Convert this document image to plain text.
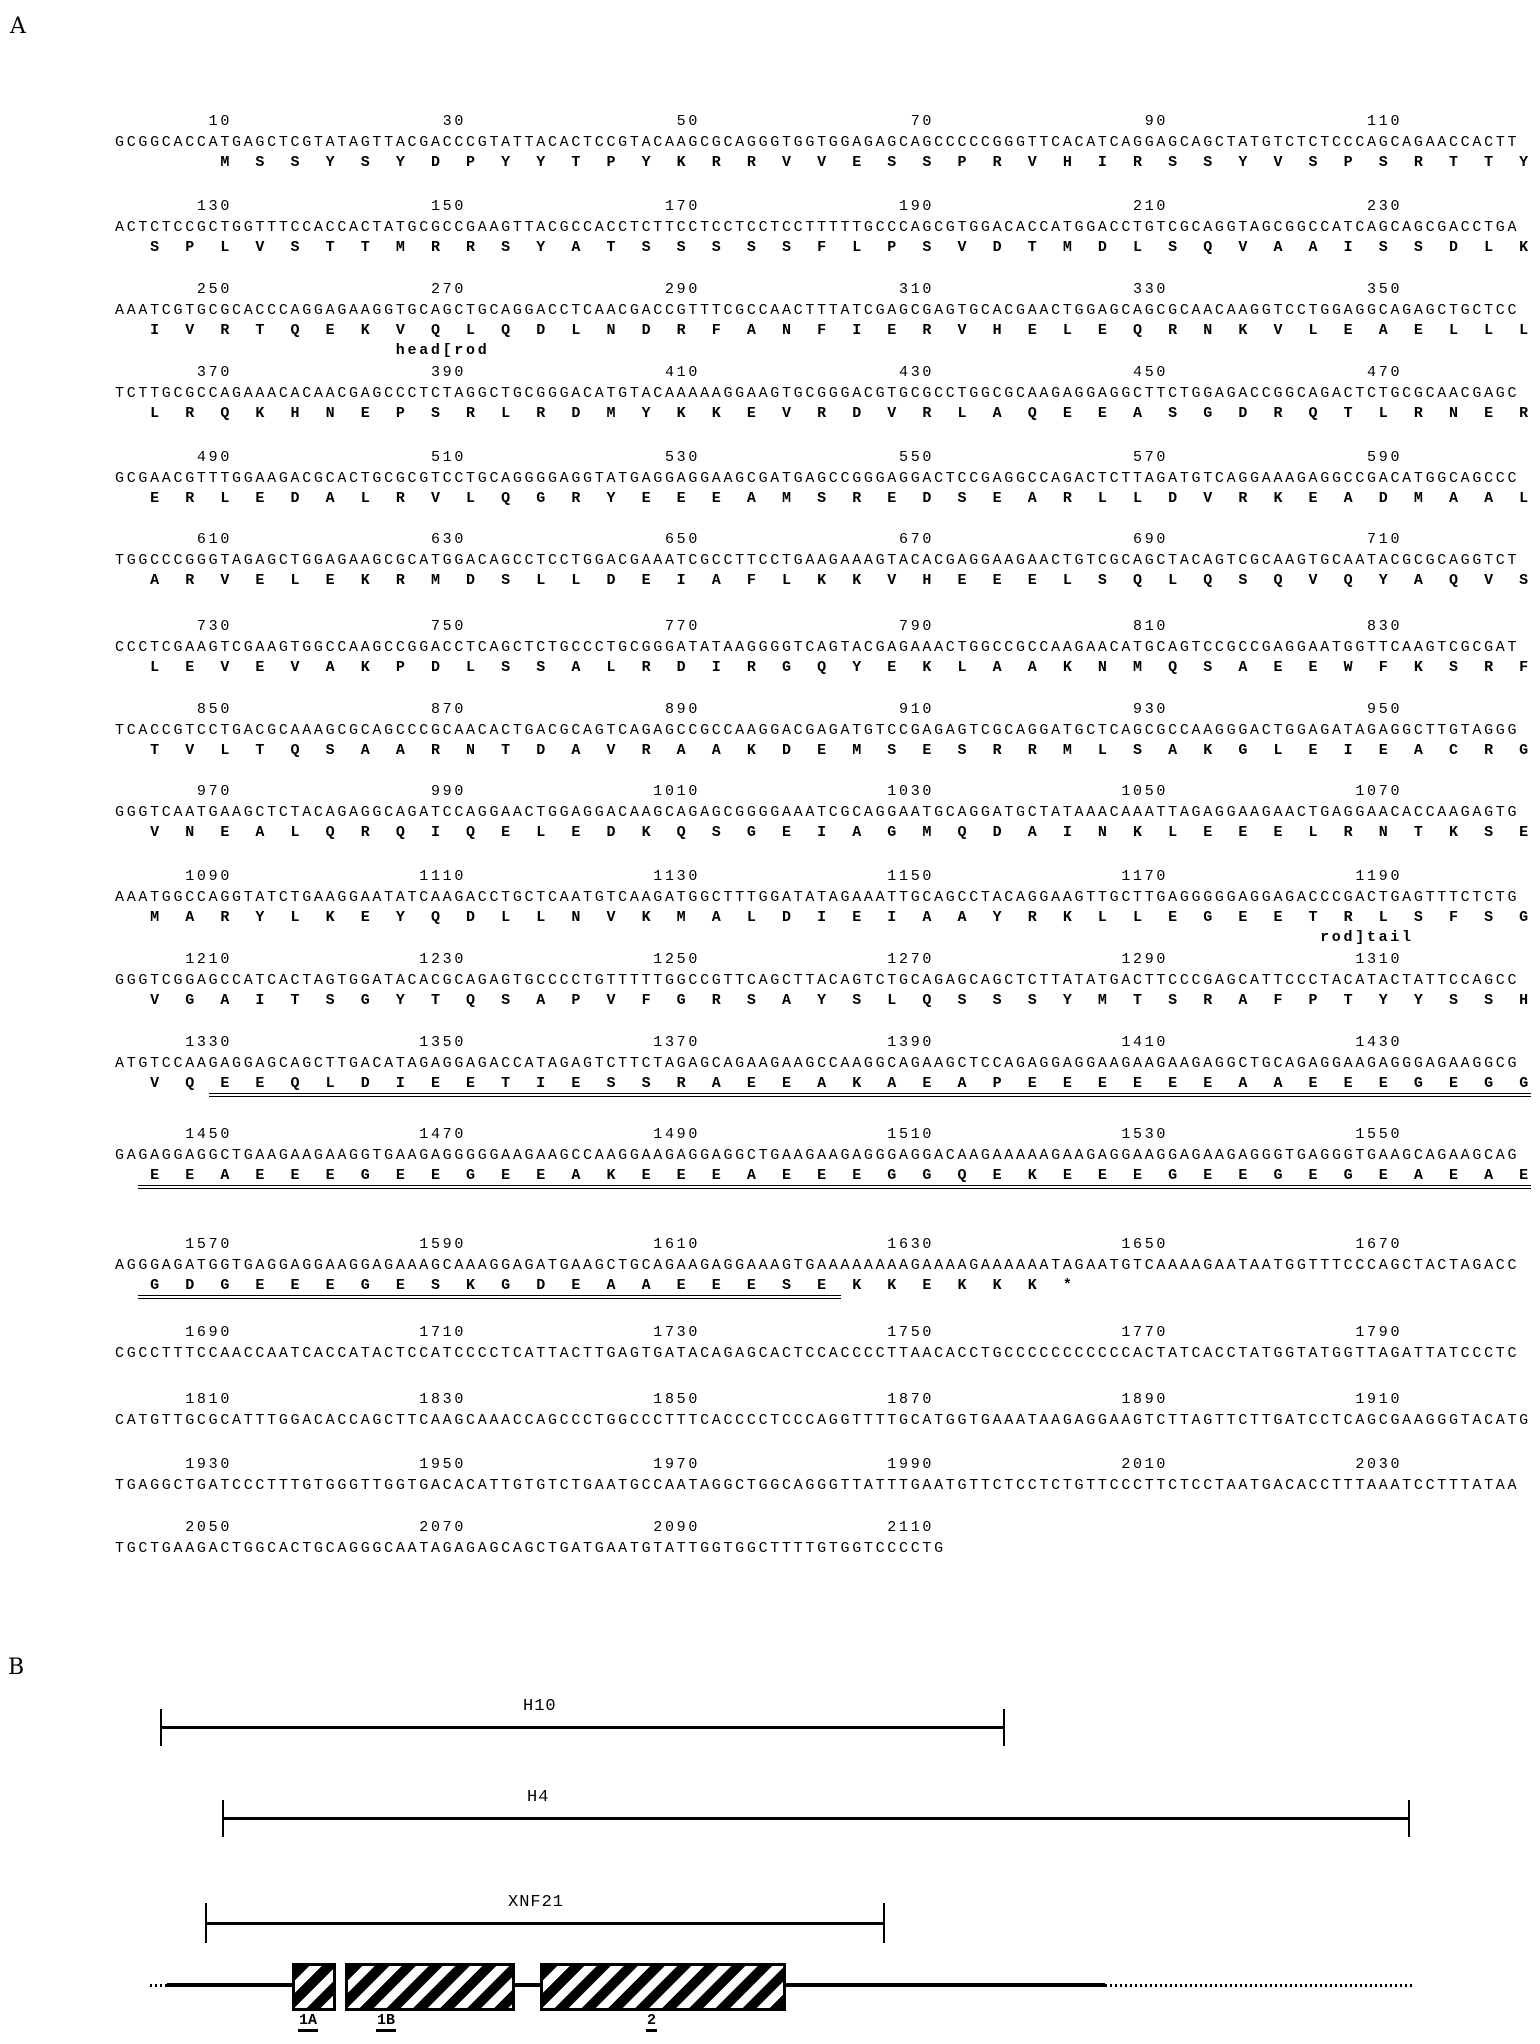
A
10                  30                  50                  70                  90                 110
GCGGCACCATGAGCTCGTATAGTTACGACCCGTATTACACTCCGTACAAGCGCAGGGTGGTGGAGAGCAGCCCCCGGGTTCACATCAGGAGCAGCTATGTCTCTCCCAGCAGAACCACTT
M  S  S  Y  S  Y  D  P  Y  Y  T  P  Y  K  R  R  V  V  E  S  S  P  R  V  H  I  R  S  S  Y  V  S  P  S  R  T  T  Y
130                 150                 170                 190                 210                 230
ACTCTCCGCTGGTTTCCACCACTATGCGCCGAAGTTACGCCACCTCTTCCTCCTCCTCCTTTTTGCCCAGCGTGGACACCATGGACCTGTCGCAGGTAGCGGCCATCAGCAGCGACCTGA
S  P  L  V  S  T  T  M  R  R  S  Y  A  T  S  S  S  S  S  F  L  P  S  V  D  T  M  D  L  S  Q  V  A  A  I  S  S  D  L  K
250                 270                 290                 310                 330                 350
AAATCGTGCGCACCCAGGAGAAGGTGCAGCTGCAGGACCTCAACGACCGTTTCGCCAACTTTATCGAGCGAGTGCACGAACTGGAGCAGCGCAACAAGGTCCTGGAGGCAGAGCTGCTCC
I  V  R  T  Q  E  K  V  Q  L  Q  D  L  N  D  R  F  A  N  F  I  E  R  V  H  E  L  E  Q  R  N  K  V  L  E  A  E  L  L  L
head[rod
370                 390                 410                 430                 450                 470
TCTTGCGCCAGAAACACAACGAGCCCTCTAGGCTGCGGGACATGTACAAAAAGGAAGTGCGGGACGTGCGCCTGGCGCAAGAGGAGGCTTCTGGAGACCGGCAGACTCTGCGCAACGAGC
L  R  Q  K  H  N  E  P  S  R  L  R  D  M  Y  K  K  E  V  R  D  V  R  L  A  Q  E  E  A  S  G  D  R  Q  T  L  R  N  E  R
490                 510                 530                 550                 570                 590
GCGAACGTTTGGAAGACGCACTGCGCGTCCTGCAGGGGAGGTATGAGGAGGAAGCGATGAGCCGGGAGGACTCCGAGGCCAGACTCTTAGATGTCAGGAAAGAGGCCGACATGGCAGCCC
E  R  L  E  D  A  L  R  V  L  Q  G  R  Y  E  E  E  A  M  S  R  E  D  S  E  A  R  L  L  D  V  R  K  E  A  D  M  A  A  L
610                 630                 650                 670                 690                 710
TGGCCCGGGTAGAGCTGGAGAAGCGCATGGACAGCCTCCTGGACGAAATCGCCTTCCTGAAGAAAGTACACGAGGAAGAACTGTCGCAGCTACAGTCGCAAGTGCAATACGCGCAGGTCT
A  R  V  E  L  E  K  R  M  D  S  L  L  D  E  I  A  F  L  K  K  V  H  E  E  E  L  S  Q  L  Q  S  Q  V  Q  Y  A  Q  V  S
730                 750                 770                 790                 810                 830
CCCTCGAAGTCGAAGTGGCCAAGCCGGACCTCAGCTCTGCCCTGCGGGATATAAGGGGTCAGTACGAGAAACTGGCCGCCAAGAACATGCAGTCCGCCGAGGAATGGTTCAAGTCGCGAT
L  E  V  E  V  A  K  P  D  L  S  S  A  L  R  D  I  R  G  Q  Y  E  K  L  A  A  K  N  M  Q  S  A  E  E  W  F  K  S  R  F
850                 870                 890                 910                 930                 950
TCACCGTCCTGACGCAAAGCGCAGCCCGCAACACTGACGCAGTCAGAGCCGCCAAGGACGAGATGTCCGAGAGTCGCAGGATGCTCAGCGCCAAGGGACTGGAGATAGAGGCTTGTAGGG
T  V  L  T  Q  S  A  A  R  N  T  D  A  V  R  A  A  K  D  E  M  S  E  S  R  R  M  L  S  A  K  G  L  E  I  E  A  C  R  G
970                 990                1010                1030                1050                1070
GGGTCAATGAAGCTCTACAGAGGCAGATCCAGGAACTGGAGGACAAGCAGAGCGGGGAAATCGCAGGAATGCAGGATGCTATAAACAAATTAGAGGAAGAACTGAGGAACACCAAGAGTG
V  N  E  A  L  Q  R  Q  I  Q  E  L  E  D  K  Q  S  G  E  I  A  G  M  Q  D  A  I  N  K  L  E  E  E  L  R  N  T  K  S  E
1090                1110                1130                1150                1170                1190
AAATGGCCAGGTATCTGAAGGAATATCAAGACCTGCTCAATGTCAAGATGGCTTTGGATATAGAAATTGCAGCCTACAGGAAGTTGCTTGAGGGGGAGGAGACCCGACTGAGTTTCTCTG
M  A  R  Y  L  K  E  Y  Q  D  L  L  N  V  K  M  A  L  D  I  E  I  A  A  Y  R  K  L  L  E  G  E  E  T  R  L  S  F  S  G
rod]tail
1210                1230                1250                1270                1290                1310
GGGTCGGAGCCATCACTAGTGGATACACGCAGAGTGCCCCTGTTTTTGGCCGTTCAGCTTACAGTCTGCAGAGCAGCTCTTATATGACTTCCCGAGCATTCCCTACATACTATTCCAGCC
V  G  A  I  T  S  G  Y  T  Q  S  A  P  V  F  G  R  S  A  Y  S  L  Q  S  S  S  Y  M  T  S  R  A  F  P  T  Y  Y  S  S  H
1330                1350                1370                1390                1410                1430
ATGTCCAAGAGGAGCAGCTTGACATAGAGGAGACCATAGAGTCTTCTAGAGCAGAAGAAGCCAAGGCAGAAGCTCCAGAGGAGGAAGAAGAAGAGGCTGCAGAGGAAGAGGGAGAAGGCG
V  Q  E  E  Q  L  D  I  E  E  T  I  E  S  S  R  A  E  E  A  K  A  E  A  P  E  E  E  E  E  E  A  A  E  E  E  G  E  G  G
1450                1470                1490                1510                1530                1550
GAGAGGAGGCTGAAGAAGAAGGTGAAGAGGGGGAAGAAGCCAAGGAAGAGGAGGCTGAAGAAGAGGGAGGACAAGAAAAAGAAGAGGAAGGAGAAGAGGGTGAGGGTGAAGCAGAAGCAG
E  E  A  E  E  E  G  E  E  G  E  E  A  K  E  E  E  A  E  E  E  G  G  Q  E  K  E  E  E  G  E  E  G  E  G  E  A  E  A  E
1570                1590                1610                1630                1650                1670
AGGGAGATGGTGAGGAGGAAGGAGAAAGCAAAGGAGATGAAGCTGCAGAAGAGGAAAGTGAAAAAAAAGAAAAGAAAAAATAGAATGTCAAAAGAATAATGGTTTCCCAGCTACTAGACC
G  D  G  E  E  E  G  E  S  K  G  D  E  A  A  E  E  E  S  E  K  K  E  K  K  K  *
1690                1710                1730                1750                1770                1790
CGCCTTTCCAACCAATCACCATACTCCATCCCCTCATTACTTGAGTGATACAGAGCACTCCACCCCTTAACACCTGCCCCCCCCCCCACTATCACCTATGGTATGGTTAGATTATCCCTC
1810                1830                1850                1870                1890                1910
CATGTTGCGCATTTGGACACCAGCTTCAAGCAAACCAGCCCTGGCCCTTTCACCCCTCCCAGGTTTTGCATGGTGAAATAAGAGGAAGTCTTAGTTCTTGATCCTCAGCGAAGGGTACATG
1930                1950                1970                1990                2010                2030
TGAGGCTGATCCCTTTGTGGGTTGGTGACACATTGTGTCTGAATGCCAATAGGCTGGCAGGGTTATTTGAATGTTCTCCTCTGTTCCCTTCTCCTAATGACACCTTTAAATCCTTTATAA
2050                2070                2090                2110
TGCTGAAGACTGGCACTGCAGGGCAATAGAGAGCAGCTGATGAATGTATTGGTGGCTTTTGTGGTCCCCTG
B
H10
H4
XNF21
1A	1B	2
